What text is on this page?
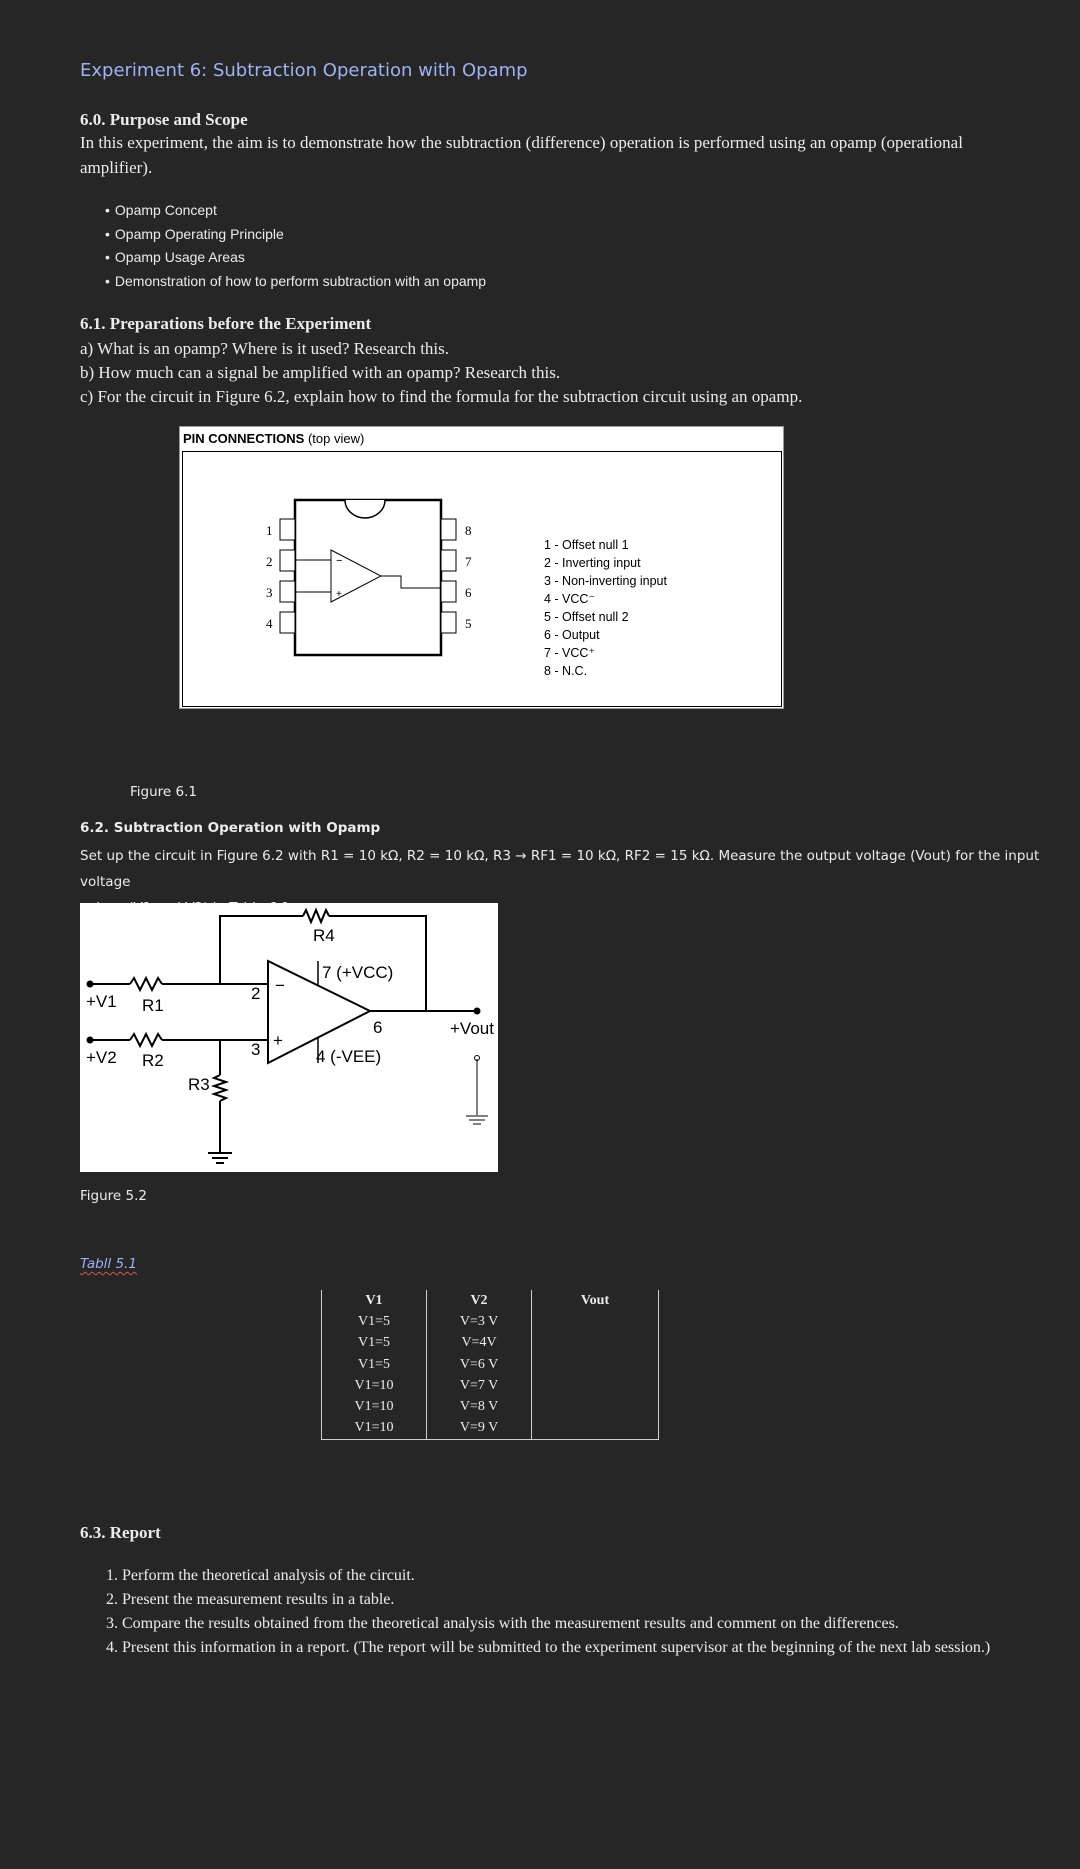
Experiment 6: Subtraction Operation with Opamp
6.0. Purpose and Scope
In this experiment, the aim is to demonstrate how the subtraction (difference) operation is performed using an opamp (operational
amplifier).
• Opamp Concept
• Opamp Operating Principle
• Opamp Usage Areas
• Demonstration of how to perform subtraction with an opamp
6.1. Preparations before the Experiment
a) What is an opamp? Where is it used? Research this.
b) How much can a signal be amplified with an opamp? Research this.
c) For the circuit in Figure 6.2, explain how to find the formula for the subtraction circuit using an opamp.
PIN CONNECTIONS (top view)
−
+
1
2
3
4
8
7
6
5
1 - Offset null 1
2 - Inverting input
3 - Non-inverting input
4 - VCC⁻
5 - Offset null 2
6 - Output
7 - VCC⁺
8 - N.C.
Figure 6.1
6.2. Subtraction Operation with Opamp
Set up the circuit in Figure 6.2 with R1 = 10 kΩ, R2 = 10 kΩ, R3 → RF1 = 10 kΩ, RF2 = 15 kΩ. Measure the output voltage (Vout) for the input voltage
R4
7 (+VCC)
4 (-VEE)
+V1 R1
+V2 R2
R3
+Vout
2
3
6
−
+
Figure 5.2
Tabll 5.1
V1	V2	Vout
V1=5	V=3 V	
V1=5	V=4V	
V1=5	V=6 V	
V1=10	V=7 V	
V1=10	V=8 V	
V1=10	V=9 V	
6.3. Report
1. Perform the theoretical analysis of the circuit.
2. Present the measurement results in a table.
3. Compare the results obtained from the theoretical analysis with the measurement results and comment on the differences.
4. Present this information in a report. (The report will be submitted to the experiment supervisor at the beginning of the next lab session.)
